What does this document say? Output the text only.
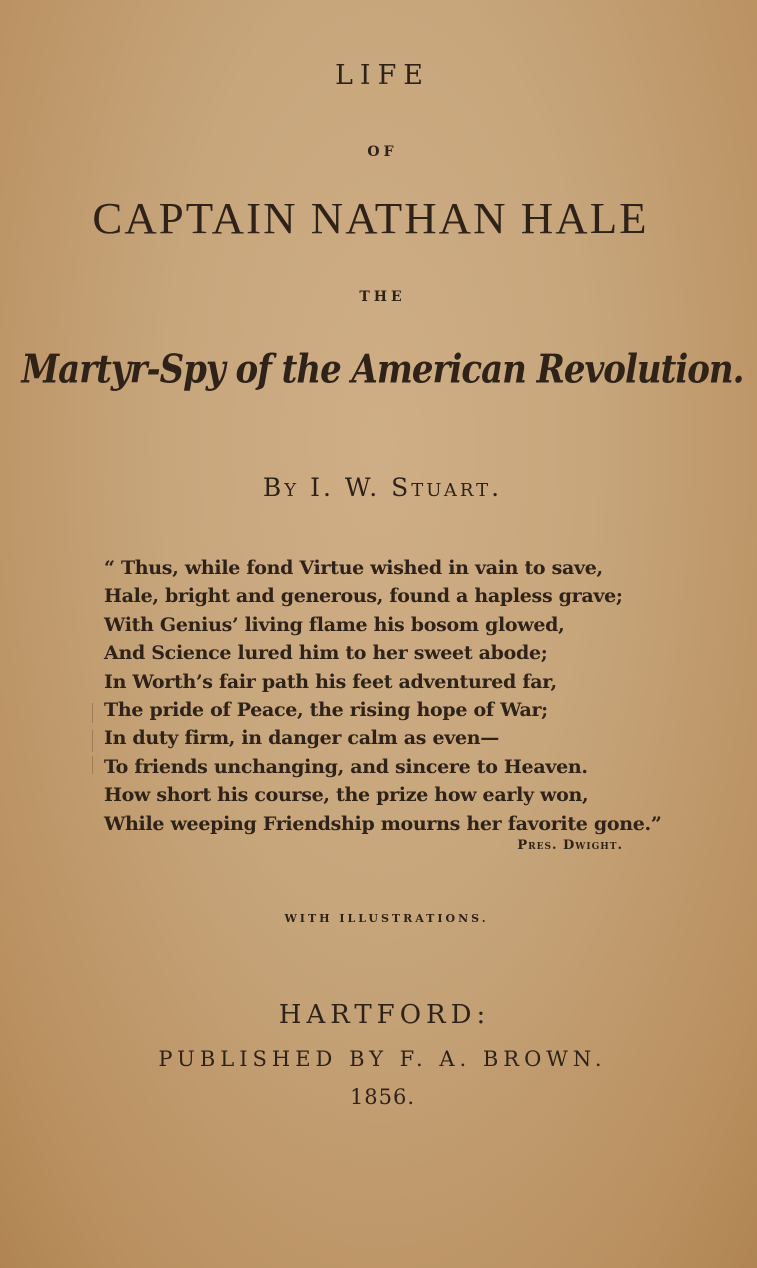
LIFE
OF
CAPTAIN NATHAN HALE
THE
Martyr-Spy of the American Revolution.
By I. W. Stuart.
“ Thus, while fond Virtue wished in vain to save,
Hale, bright and generous, found a hapless grave;
With Genius’ living flame his bosom glowed,
And Science lured him to her sweet abode;
In Worth’s fair path his feet adventured far,
The pride of Peace, the rising hope of War;
In duty firm, in danger calm as even—
To friends unchanging, and sincere to Heaven.
How short his course, the prize how early won,
While weeping Friendship mourns her favorite gone.”
Pres. Dwight.
WITH ILLUSTRATIONS.
HARTFORD:
PUBLISHED BY F. A. BROWN.
1856.
